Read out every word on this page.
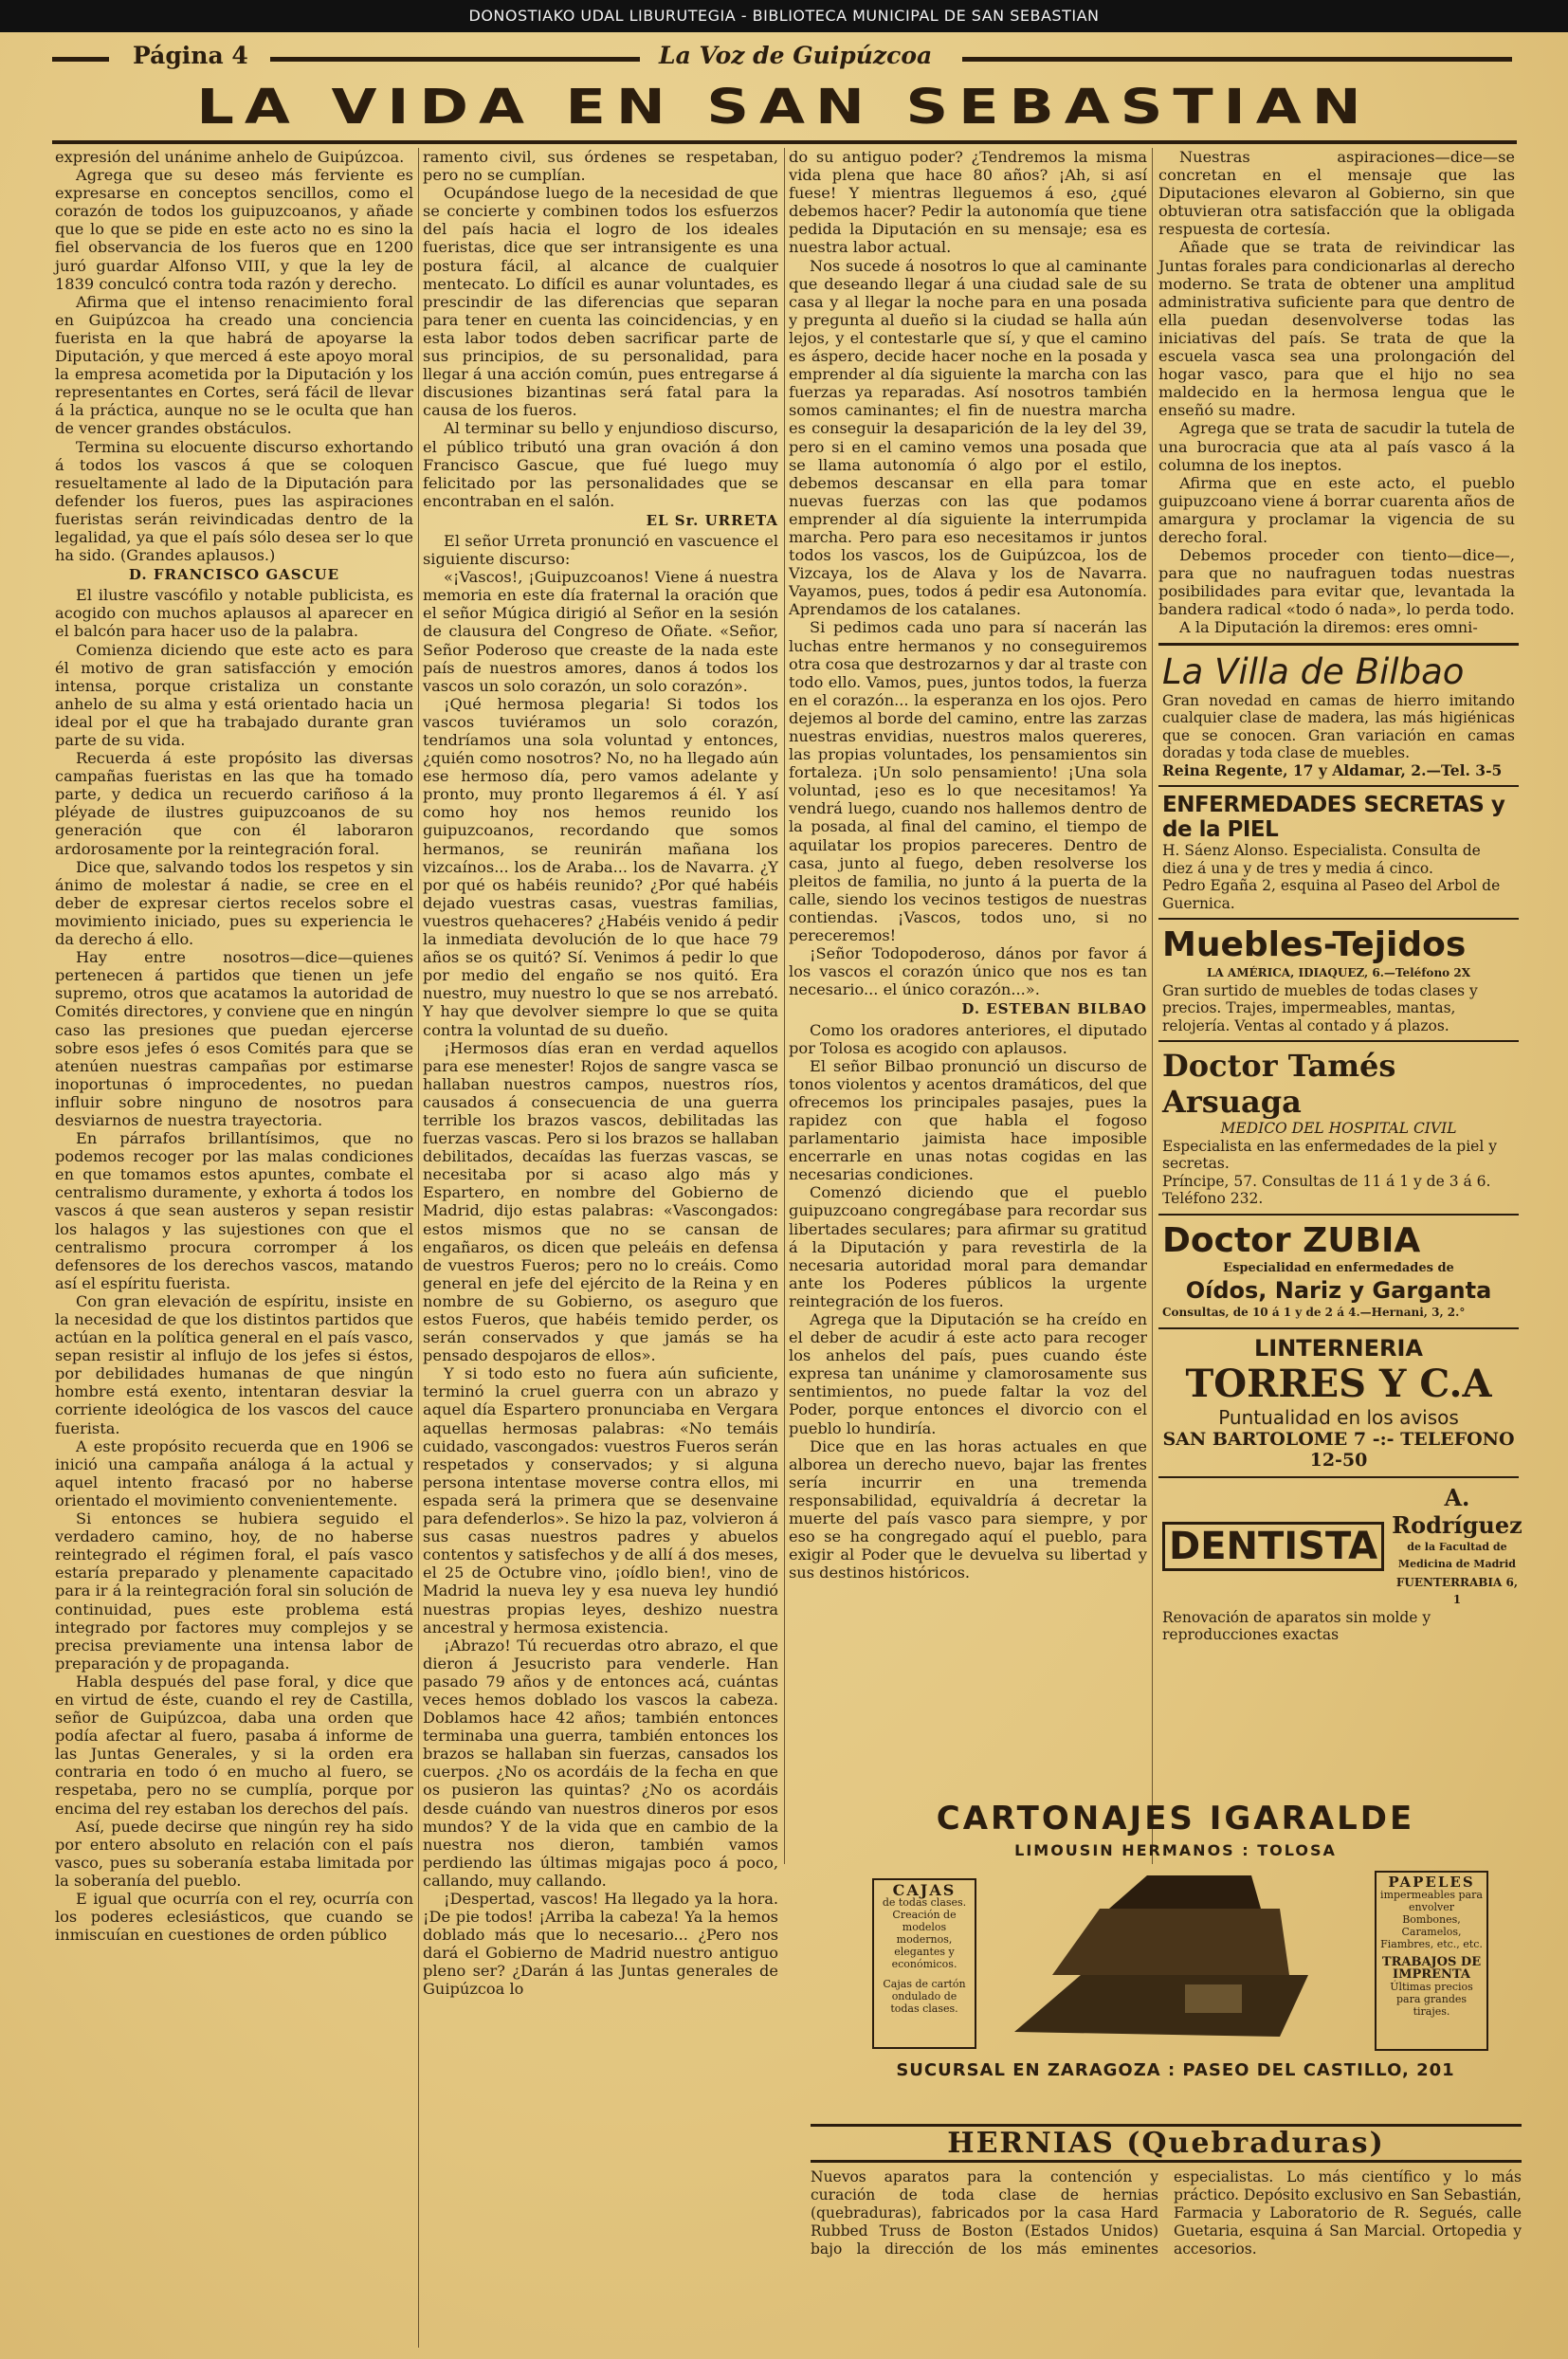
DONOSTIAKO UDAL LIBURUTEGIA - BIBLIOTECA MUNICIPAL DE SAN SEBASTIAN
Página 4	La Voz de Guipúzcoa
LA VIDA EN SAN SEBASTIAN

expresión del unánime anhelo de Guipúzcoa.

Agrega que su deseo más ferviente es expresarse en conceptos sencillos, como el corazón de todos los guipuzcoanos, y añade que lo que se pide en este acto no es sino la fiel observancia de los fueros que en 1200 juró guardar Alfonso VIII, y que la ley de 1839 conculcó contra toda razón y derecho.

Afirma que el intenso renacimiento foral en Guipúzcoa ha creado una conciencia fuerista en la que habrá de apoyarse la Diputación, y que merced á este apoyo moral la empresa acometida por la Diputación y los representantes en Cortes, será fácil de llevar á la práctica, aunque no se le oculta que han de vencer grandes obstáculos.

Termina su elocuente discurso exhortando á todos los vascos á que se coloquen resueltamente al lado de la Diputación para defender los fueros, pues las aspiraciones fueristas serán reivindicadas dentro de la legalidad, ya que el país sólo desea ser lo que ha sido. (Grandes aplausos.)

D. FRANCISCO GASCUE

El ilustre vascófilo y notable publicista, es acogido con muchos aplausos al aparecer en el balcón para hacer uso de la palabra.

Comienza diciendo que este acto es para él motivo de gran satisfacción y emoción intensa, porque cristaliza un constante anhelo de su alma y está orientado hacia un ideal por el que ha trabajado durante gran parte de su vida.

Recuerda á este propósito las diversas campañas fueristas en las que ha tomado parte, y dedica un recuerdo cariñoso á la pléyade de ilustres guipuzcoanos de su generación que con él laboraron ardorosamente por la reintegración foral.

Dice que, salvando todos los respetos y sin ánimo de molestar á nadie, se cree en el deber de expresar ciertos recelos sobre el movimiento iniciado, pues su experiencia le da derecho á ello.

Hay entre nosotros—dice—quienes pertenecen á partidos que tienen un jefe supremo, otros que acatamos la autoridad de Comités directores, y conviene que en ningún caso las presiones que puedan ejercerse sobre esos jefes ó esos Comités para que se atenúen nuestras campañas por estimarse inoportunas ó improcedentes, no puedan influir sobre ninguno de nosotros para desviarnos de nuestra trayectoria.

En párrafos brillantísimos, que no podemos recoger por las malas condiciones en que tomamos estos apuntes, combate el centralismo duramente, y exhorta á todos los vascos á que sean austeros y sepan resistir los halagos y las sujestiones con que el centralismo procura corromper á los defensores de los derechos vascos, matando así el espíritu fuerista.

Con gran elevación de espíritu, insiste en la necesidad de que los distintos partidos que actúan en la política general en el país vasco, sepan resistir al influjo de los jefes si éstos, por debilidades humanas de que ningún hombre está exento, intentaran desviar la corriente ideológica de los vascos del cauce fuerista.

A este propósito recuerda que en 1906 se inició una campaña análoga á la actual y aquel intento fracasó por no haberse orientado el movimiento convenientemente.

Si entonces se hubiera seguido el verdadero camino, hoy, de no haberse reintegrado el régimen foral, el país vasco estaría preparado y plenamente capacitado para ir á la reintegración foral sin solución de continuidad, pues este problema está integrado por factores muy complejos y se precisa previamente una intensa labor de preparación y de propaganda.

Habla después del pase foral, y dice que en virtud de éste, cuando el rey de Castilla, señor de Guipúzcoa, daba una orden que podía afectar al fuero, pasaba á informe de las Juntas Generales, y si la orden era contraria en todo ó en mucho al fuero, se respetaba, pero no se cumplía, porque por encima del rey estaban los derechos del país.

Así, puede decirse que ningún rey ha sido por entero absoluto en relación con el país vasco, pues su soberanía estaba limitada por la soberanía del pueblo.

E igual que ocurría con el rey, ocurría con los poderes eclesiásticos, que cuando se inmiscuían en cuestiones de orden público

ramento civil, sus órdenes se respetaban, pero no se cumplían.

Ocupándose luego de la necesidad de que se concierte y combinen todos los esfuerzos del país hacia el logro de los ideales fueristas, dice que ser intransigente es una postura fácil, al alcance de cualquier mentecato. Lo difícil es aunar voluntades, es prescindir de las diferencias que separan para tener en cuenta las coincidencias, y en esta labor todos deben sacrificar parte de sus principios, de su personalidad, para llegar á una acción común, pues entregarse á discusiones bizantinas será fatal para la causa de los fueros.

Al terminar su bello y enjundioso discurso, el público tributó una gran ovación á don Francisco Gascue, que fué luego muy felicitado por las personalidades que se encontraban en el salón.

EL Sr. URRETA

El señor Urreta pronunció en vascuence el siguiente discurso:

«¡Vascos!, ¡Guipuzcoanos! Viene á nuestra memoria en este día fraternal la oración que el señor Múgica dirigió al Señor en la sesión de clausura del Congreso de Oñate. «Señor, Señor Poderoso que creaste de la nada este país de nuestros amores, danos á todos los vascos un solo corazón, un solo corazón».

¡Qué hermosa plegaria! Si todos los vascos tuviéramos un solo corazón, tendríamos una sola voluntad y entonces, ¿quién como nosotros? No, no ha llegado aún ese hermoso día, pero vamos adelante y pronto, muy pronto llegaremos á él. Y así como hoy nos hemos reunido los guipuzcoanos, recordando que somos hermanos, se reunirán mañana los vizcaínos... los de Araba... los de Navarra. ¿Y por qué os habéis reunido? ¿Por qué habéis dejado vuestras casas, vuestras familias, vuestros quehaceres? ¿Habéis venido á pedir la inmediata devolución de lo que hace 79 años se os quitó? Sí. Venimos á pedir lo que por medio del engaño se nos quitó. Era nuestro, muy nuestro lo que se nos arrebató. Y hay que devolver siempre lo que se quita contra la voluntad de su dueño.

¡Hermosos días eran en verdad aquellos para ese menester! Rojos de sangre vasca se hallaban nuestros campos, nuestros ríos, causados á consecuencia de una guerra terrible los brazos vascos, debilitadas las fuerzas vascas. Pero si los brazos se hallaban debilitados, decaídas las fuerzas vascas, se necesitaba por si acaso algo más y Espartero, en nombre del Gobierno de Madrid, dijo estas palabras: «Vascongados: estos mismos que no se cansan de engañaros, os dicen que peleáis en defensa de vuestros Fueros; pero no lo creáis. Como general en jefe del ejército de la Reina y en nombre de su Gobierno, os aseguro que estos Fueros, que habéis temido perder, os serán conservados y que jamás se ha pensado despojaros de ellos».

Y si todo esto no fuera aún suficiente, terminó la cruel guerra con un abrazo y aquel día Espartero pronunciaba en Vergara aquellas hermosas palabras: «No temáis cuidado, vascongados: vuestros Fueros serán respetados y conservados; y si alguna persona intentase moverse contra ellos, mi espada será la primera que se desenvaine para defenderlos». Se hizo la paz, volvieron á sus casas nuestros padres y abuelos contentos y satisfechos y de allí á dos meses, el 25 de Octubre vino, ¡oídlo bien!, vino de Madrid la nueva ley y esa nueva ley hundió nuestras propias leyes, deshizo nuestra ancestral y hermosa existencia.

¡Abrazo! Tú recuerdas otro abrazo, el que dieron á Jesucristo para venderle. Han pasado 79 años y de entonces acá, cuántas veces hemos doblado los vascos la cabeza. Doblamos hace 42 años; también entonces terminaba una guerra, también entonces los brazos se hallaban sin fuerzas, cansados los cuerpos. ¿No os acordáis de la fecha en que os pusieron las quintas? ¿No os acordáis desde cuándo van nuestros dineros por esos mundos? Y de la vida que en cambio de la nuestra nos dieron, también vamos perdiendo las últimas migajas poco á poco, callando, muy callando.

¡Despertad, vascos! Ha llegado ya la hora. ¡De pie todos! ¡Arriba la cabeza! Ya la hemos doblado más que lo necesario... ¿Pero nos dará el Gobierno de Madrid nuestro antiguo pleno ser? ¿Darán á las Juntas generales de Guipúzcoa lo

do su antiguo poder? ¿Tendremos la misma vida plena que hace 80 años? ¡Ah, si así fuese! Y mientras lleguemos á eso, ¿qué debemos hacer? Pedir la autonomía que tiene pedida la Diputación en su mensaje; esa es nuestra labor actual.

Nos sucede á nosotros lo que al caminante que deseando llegar á una ciudad sale de su casa y al llegar la noche para en una posada y pregunta al dueño si la ciudad se halla aún lejos, y el contestarle que sí, y que el camino es áspero, decide hacer noche en la posada y emprender al día siguiente la marcha con las fuerzas ya reparadas. Así nosotros también somos caminantes; el fin de nuestra marcha es conseguir la desaparición de la ley del 39, pero si en el camino vemos una posada que se llama autonomía ó algo por el estilo, debemos descansar en ella para tomar nuevas fuerzas con las que podamos emprender al día siguiente la interrumpida marcha. Pero para eso necesitamos ir juntos todos los vascos, los de Guipúzcoa, los de Vizcaya, los de Alava y los de Navarra. Vayamos, pues, todos á pedir esa Autonomía. Aprendamos de los catalanes.

Si pedimos cada uno para sí nacerán las luchas entre hermanos y no conseguiremos otra cosa que destrozarnos y dar al traste con todo ello. Vamos, pues, juntos todos, la fuerza en el corazón... la esperanza en los ojos. Pero dejemos al borde del camino, entre las zarzas nuestras envidias, nuestros malos quereres, las propias voluntades, los pensamientos sin fortaleza. ¡Un solo pensamiento! ¡Una sola voluntad, ¡eso es lo que necesitamos! Ya vendrá luego, cuando nos hallemos dentro de la posada, al final del camino, el tiempo de aquilatar los propios pareceres. Dentro de casa, junto al fuego, deben resolverse los pleitos de familia, no junto á la puerta de la calle, siendo los vecinos testigos de nuestras contiendas. ¡Vascos, todos uno, si no pereceremos!

¡Señor Todopoderoso, dános por favor á los vascos el corazón único que nos es tan necesario... el único corazón...».

D. ESTEBAN BILBAO

Como los oradores anteriores, el diputado por Tolosa es acogido con aplausos.

El señor Bilbao pronunció un discurso de tonos violentos y acentos dramáticos, del que ofrecemos los principales pasajes, pues la rapidez con que habla el fogoso parlamentario jaimista hace imposible encerrarle en unas notas cogidas en las necesarias condiciones.

Comenzó diciendo que el pueblo guipuzcoano congregábase para recordar sus libertades seculares; para afirmar su gratitud á la Diputación y para revestirla de la necesaria autoridad moral para demandar ante los Poderes públicos la urgente reintegración de los fueros.

Agrega que la Diputación se ha creído en el deber de acudir á este acto para recoger los anhelos del país, pues cuando éste expresa tan unánime y clamorosamente sus sentimientos, no puede faltar la voz del Poder, porque entonces el divorcio con el pueblo lo hundiría.

Dice que en las horas actuales en que alborea un derecho nuevo, bajar las frentes sería incurrir en una tremenda responsabilidad, equivaldría á decretar la muerte del país vasco para siempre, y por eso se ha congregado aquí el pueblo, para exigir al Poder que le devuelva su libertad y sus destinos históricos.

Nuestras aspiraciones—dice—se concretan en el mensaje que las Diputaciones elevaron al Gobierno, sin que obtuvieran otra satisfacción que la obligada respuesta de cortesía.

Añade que se trata de reivindicar las Juntas forales para condicionarlas al derecho moderno. Se trata de obtener una amplitud administrativa suficiente para que dentro de ella puedan desenvolverse todas las iniciativas del país. Se trata de que la escuela vasca sea una prolongación del hogar vasco, para que el hijo no sea maldecido en la hermosa lengua que le enseñó su madre.

Agrega que se trata de sacudir la tutela de una burocracia que ata al país vasco á la columna de los ineptos.

Afirma que en este acto, el pueblo guipuzcoano viene á borrar cuarenta años de amargura y proclamar la vigencia de su derecho foral.

Debemos proceder con tiento—dice—, para que no naufraguen todas nuestras posibilidades para evitar que, levantada la bandera radical «todo ó nada», lo perda todo.

A la Diputación la diremos: eres omni-

La Villa de Bilbao
Gran novedad en camas de hierro imitando cualquier clase de madera, las más higiénicas que se conocen. Gran variación en camas doradas y toda clase de muebles.
Reina Regente, 17 y Aldamar, 2.—Tel. 3-5
ENFERMEDADES SECRETAS y de la PIEL
H. Sáenz Alonso. Especialista. Consulta de diez á una y de tres y media á cinco.
Pedro Egaña 2, esquina al Paseo del Arbol de Guernica.
Muebles-Tejidos
LA AMÉRICA, IDIAQUEZ, 6.—Teléfono 2X
Gran surtido de muebles de todas clases y precios. Trajes, impermeables, mantas, relojería. Ventas al contado y á plazos.
Doctor Tamés Arsuaga
MEDICO DEL HOSPITAL CIVIL
Especialista en las enfermedades de la piel y secretas.
Príncipe, 57. Consultas de 11 á 1 y de 3 á 6. Teléfono 232.
Doctor ZUBIA
Especialidad en enfermedades de
Oídos, Nariz y Garganta
Consultas, de 10 á 1 y de 2 á 4.—Hernani, 3, 2.°
LINTERNERIA
TORRES Y C.A
Puntualidad en los avisos
SAN BARTOLOME 7 -:- TELEFONO 12-50
DENTISTA
A. Rodríguez
de la Facultad de Medicina de Madrid
FUENTERRABIA 6, 1
Renovación de aparatos sin molde y reproducciones exactas
CARTONAJES IGARALDE
LIMOUSIN HERMANOS : TOLOSA
CAJAS
de todas clases. Creación de modelos modernos, elegantes y económicos.
Cajas de cartón ondulado de todas clases.
PAPELES
impermeables para envolver Bombones, Caramelos, Fiambres, etc., etc.
TRABAJOS DE IMPRENTA
Últimas precios para grandes tirajes.
SUCURSAL EN ZARAGOZA : PASEO DEL CASTILLO, 201
HERNIAS (Quebraduras)
Nuevos aparatos para la contención y curación de toda clase de hernias (quebraduras), fabricados por la casa Hard Rubbed Truss de Boston (Estados Unidos) bajo la dirección de los más eminentes especialistas. Lo más científico y lo más práctico. Depósito exclusivo en San Sebastián, Farmacia y Laboratorio de R. Segués, calle Guetaria, esquina á San Marcial. Ortopedia y accesorios.
